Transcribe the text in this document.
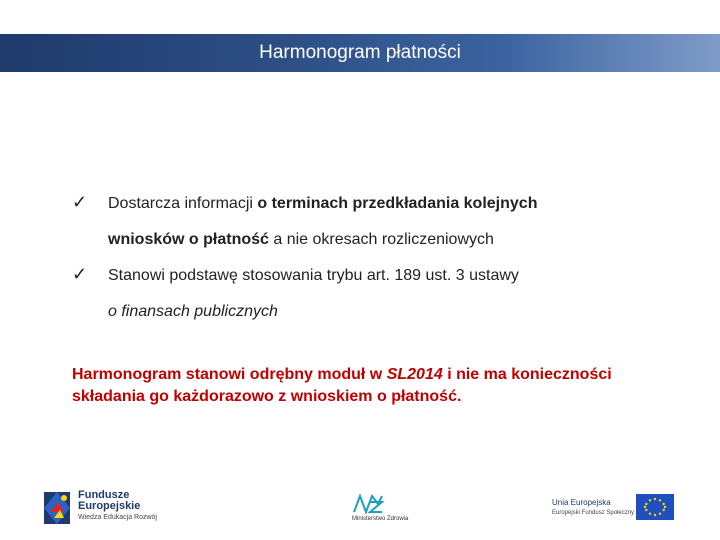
Harmonogram płatności
✓ Dostarcza informacji o terminach przedkładania kolejnych
wniosków o płatność a nie okresach rozliczeniowych
✓ Stanowi podstawę stosowania trybu art. 189 ust. 3 ustawy
o finansach publicznych
Harmonogram stanowi odrębny moduł w SL2014 i nie ma konieczności składania go każdorazowo z wnioskiem o płatność.
Fundusze
Europejskie
Wiedza Edukacja Rozwój	Ministerstwo Zdrowia
Unia Europejska
Europejski Fundusz Społeczny
